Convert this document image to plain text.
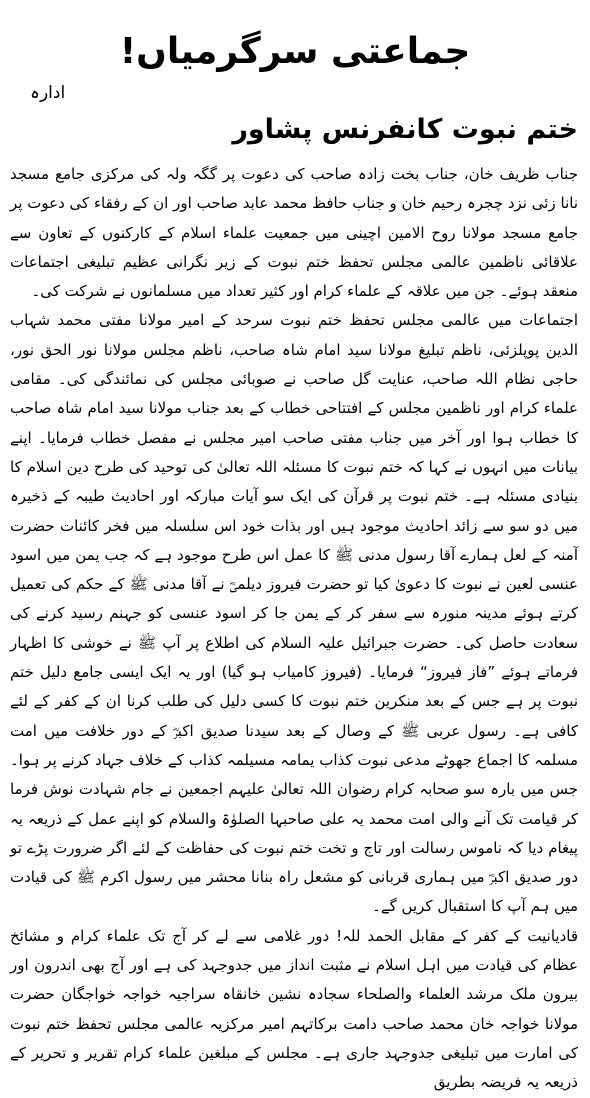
جماعتی سرگرمیاں!
ادارہ
ختم نبوت کانفرنس پشاور

جناب ظریف خان، جناب بخت زادہ صاحب کی دعوت پر گگہ ولہ کی مرکزی جامع مسجد نانا زئی نزد چجرہ رحیم خان و جناب حافظ محمد عابد صاحب اور ان کے رفقاء کی دعوت پر جامع مسجد مولانا روح الامین اچینی میں جمعیت علماء اسلام کے کارکنوں کے تعاون سے علاقائی ناظمین عالمی مجلس تحفظ ختم نبوت کے زیر نگرانی عظیم تبلیغی اجتماعات منعقد ہوئے۔ جن میں علاقہ کے علماء کرام اور کثیر تعداد میں مسلمانوں نے شرکت کی۔

اجتماعات میں عالمی مجلس تحفظ ختم نبوت سرحد کے امیر مولانا مفتی محمد شہاب الدین پوپلزئی، ناظم تبلیغ مولانا سید امام شاہ صاحب، ناظم مجلس مولانا نور الحق نور، حاجی نظام اللہ صاحب، عنایت گل صاحب نے صوبائی مجلس کی نمائندگی کی۔ مقامی علماء کرام اور ناظمین مجلس کے افتتاحی خطاب کے بعد جناب مولانا سید امام شاہ صاحب کا خطاب ہوا اور آخر میں جناب مفتی صاحب امیر مجلس نے مفصل خطاب فرمایا۔ اپنے بیانات میں انہوں نے کہا کہ ختم نبوت کا مسئلہ اللہ تعالیٰ کی توحید کی طرح دین اسلام کا بنیادی مسئلہ ہے۔ ختم نبوت پر قرآن کی ایک سو آیات مبارکہ اور احادیث طیبہ کے ذخیرہ میں دو سو سے زائد احادیث موجود ہیں اور بذات خود اس سلسلہ میں فخر کائنات حضرت آمنہ کے لعل ہمارے آقا رسول مدنی ﷺ کا عمل اس طرح موجود ہے کہ جب یمن میں اسود عنسی لعین نے نبوت کا دعویٰ کیا تو حضرت فیروز دیلمیؓ نے آقا مدنی ﷺ کے حکم کی تعمیل کرتے ہوئے مدینہ منورہ سے سفر کر کے یمن جا کر اسود عنسی کو جہنم رسید کرنے کی سعادت حاصل کی۔ حضرت جبرائیل علیہ السلام کی اطلاع پر آپ ﷺ نے خوشی کا اظہار فرماتے ہوئے ”فاز فیروز“ فرمایا۔ (فیروز کامیاب ہو گیا) اور یہ ایک ایسی جامع دلیل ختم نبوت پر ہے جس کے بعد منکرین ختم نبوت کا کسی دلیل کی طلب کرنا ان کے کفر کے لئے کافی ہے۔ رسول عربی ﷺ کے وصال کے بعد سیدنا صدیق اکبرؓ کے دور خلافت میں امت مسلمہ کا اجماع جھوٹے مدعی نبوت کذاب یمامہ مسیلمہ کذاب کے خلاف جہاد کرنے پر ہوا۔ جس میں بارہ سو صحابہ کرام رضوان اللہ تعالیٰ علیہم اجمعین نے جام شہادت نوش فرما کر قیامت تک آنے والی امت محمد یہ علی صاحبہا الصلوٰۃ والسلام کو اپنے عمل کے ذریعہ یہ پیغام دیا کہ ناموس رسالت اور تاج و تخت ختم نبوت کی حفاظت کے لئے اگر ضرورت پڑے تو دور صدیق اکبرؓ میں ہماری قربانی کو مشعل راہ بنانا محشر میں رسول اکرم ﷺ کی قیادت میں ہم آپ کا استقبال کریں گے۔

قادیانیت کے کفر کے مقابل الحمد للہ! دور غلامی سے لے کر آج تک علماء کرام و مشائخ عظام کی قیادت میں اہل اسلام نے مثبت انداز میں جدوجہد کی ہے اور آج بھی اندرون اور بیرون ملک مرشد العلماء والصلحاء سجادہ نشین خانقاہ سراجیہ خواجہ خواجگان حضرت مولانا خواجہ خان محمد صاحب دامت برکاتہم امیر مرکزیہ عالمی مجلس تحفظ ختم نبوت کی امارت میں تبلیغی جدوجہد جاری ہے۔ مجلس کے مبلغین علماء کرام تقریر و تحریر کے ذریعہ یہ فریضہ بطریق
